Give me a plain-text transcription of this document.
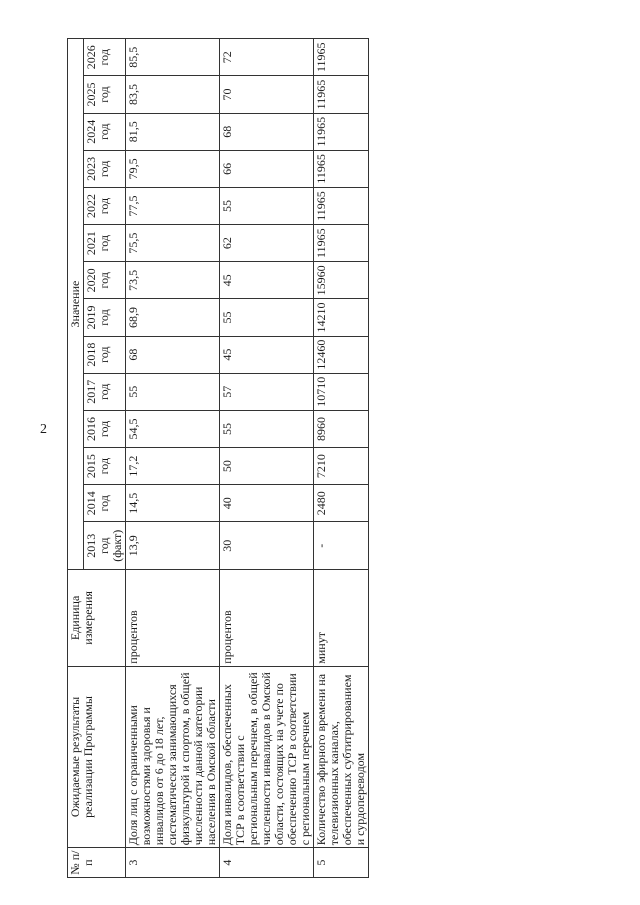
2
№ п/п	Ожидаемые результаты реализации Программы	Единица измерения	Значение													
			2013 год (факт)	2014 год	2015 год	2016 год	2017 год	2018 год	2019 год	2020 год	2021 год	2022 год	2023 год	2024 год	2025 год	2026 год
3	Доля лиц с ограниченными возможностями здоровья и инвалидов от 6 до 18 лет, систематически занимающихся физкультурой и спортом, в общей численности данной категории населения в Омской области	процентов	13,9	14,5	17,2	54,5	55	68	68,9	73,5	75,5	77,5	79,5	81,5	83,5	85,5
4	Доля инвалидов, обеспеченных ТСР в соответствии с региональным перечнем, в общей численности инвалидов в Омской области, состоящих на учете по обеспечению ТСР в соответствии с региональным перечнем	процентов	30	40	50	55	57	45	55	45	62	55	66	68	70	72
5	Количество эфирного времени на телевизионных каналах, обеспеченных субтитрированием и сурдопереводом	минут	-	2480	7210	8960	10710	12460	14210	15960	11965	11965	11965	11965	11965	11965
